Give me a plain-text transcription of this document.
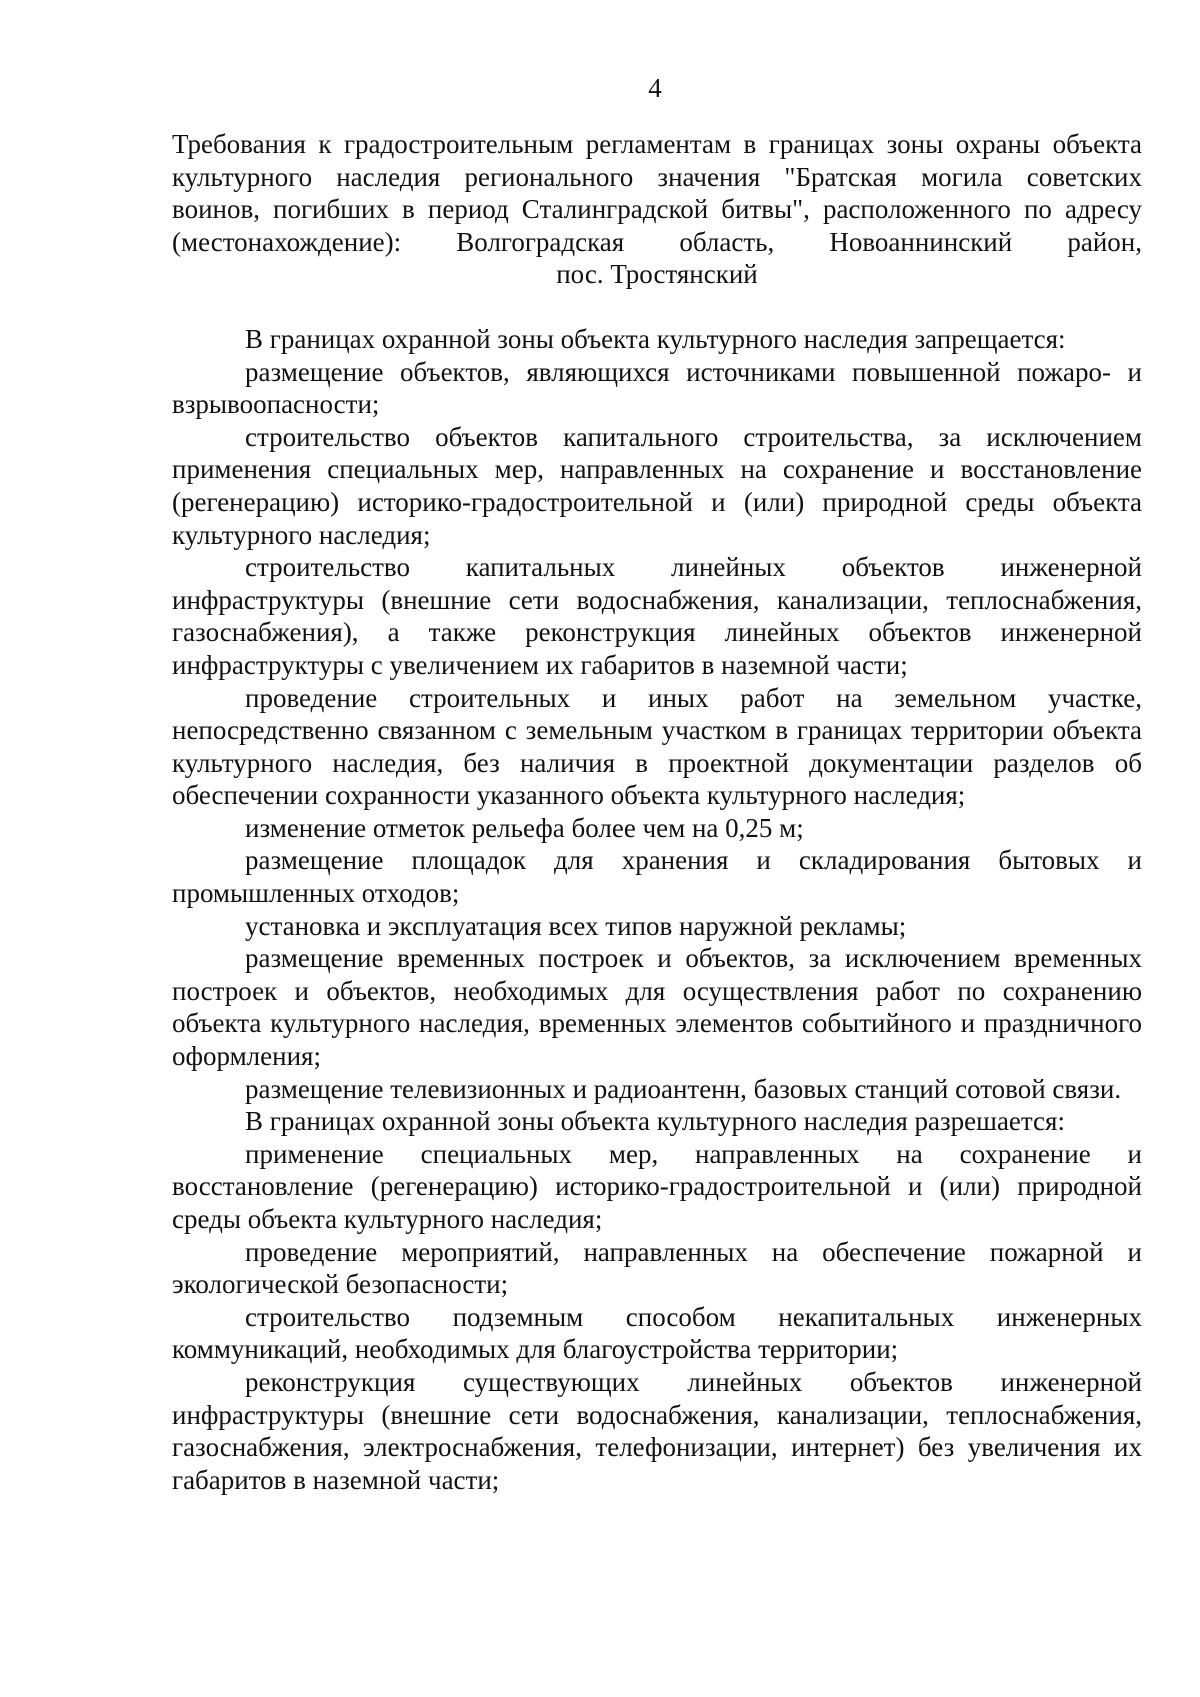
4

Требования к градостроительным регламентам в границах зоны охраны объекта

культурного наследия регионального значения "Братская могила советских

воинов, погибших в период Сталинградской битвы", расположенного по адресу

(местонахождение): Волгоградская область, Новоаннинский район,

пос. Тростянский

В границах охранной зоны объекта культурного наследия запрещается:

размещение объектов, являющихся источниками повышенной пожаро- и взрывоопасности;

строительство объектов капитального строительства, за исключением применения специальных мер, направленных на сохранение и восстановление (регенерацию) историко-градостроительной и (или) природной среды объекта культурного наследия;

строительство капитальных линейных объектов инженерной инфраструктуры (внешние сети водоснабжения, канализации, теплоснабжения, газоснабжения), а также реконструкция линейных объектов инженерной инфраструктуры с увеличением их габаритов в наземной части;

проведение строительных и иных работ на земельном участке, непосредственно связанном с земельным участком в границах территории объекта культурного наследия, без наличия в проектной документации разделов об обеспечении сохранности указанного объекта культурного наследия;

изменение отметок рельефа более чем на 0,25 м;

размещение площадок для хранения и складирования бытовых и промышленных отходов;

установка и эксплуатация всех типов наружной рекламы;

размещение временных построек и объектов, за исключением временных построек и объектов, необходимых для осуществления работ по сохранению объекта культурного наследия, временных элементов событийного и праздничного оформления;

размещение телевизионных и радиоантенн, базовых станций сотовой связи.

В границах охранной зоны объекта культурного наследия разрешается:

применение специальных мер, направленных на сохранение и восстановление (регенерацию) историко-градостроительной и (или) природной среды объекта культурного наследия;

проведение мероприятий, направленных на обеспечение пожарной и экологической безопасности;

строительство подземным способом некапитальных инженерных коммуникаций, необходимых для благоустройства территории;

реконструкция существующих линейных объектов инженерной инфраструктуры (внешние сети водоснабжения, канализации, теплоснабжения, газоснабжения, электроснабжения, телефонизации, интернет) без увеличения их габаритов в наземной части;
